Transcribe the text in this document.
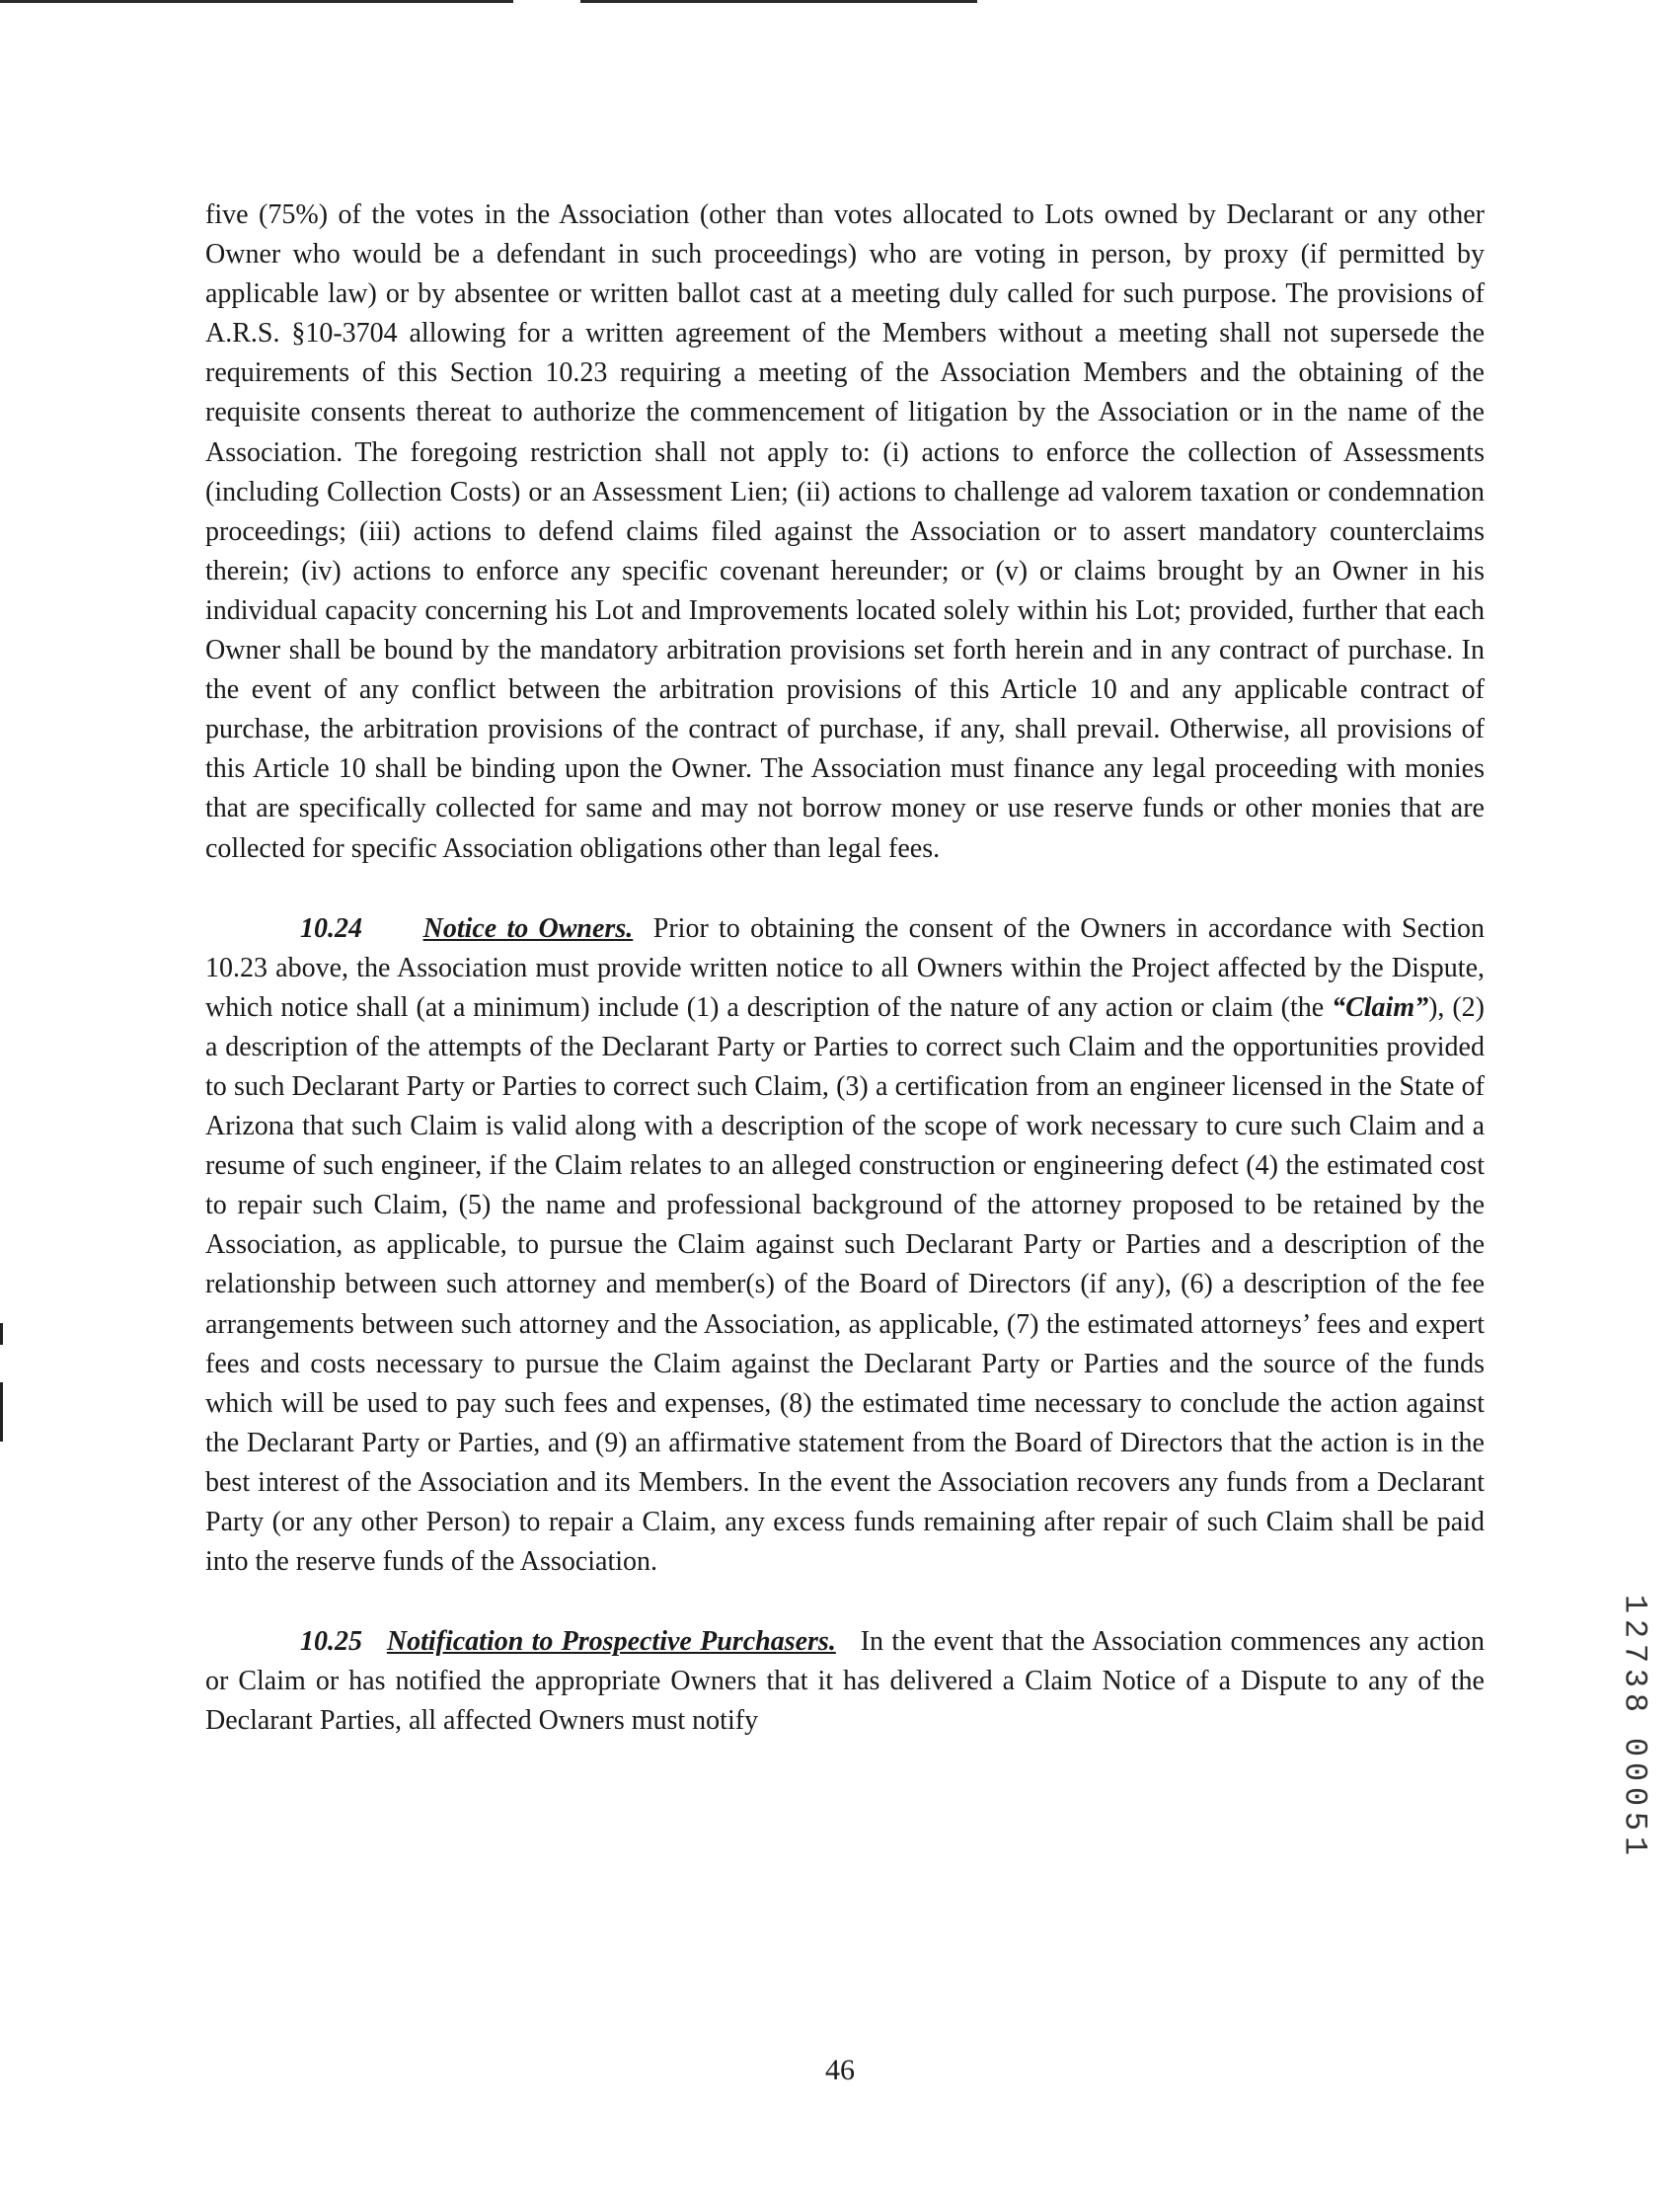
five (75%) of the votes in the Association (other than votes allocated to Lots owned by Declarant or any other Owner who would be a defendant in such proceedings) who are voting in person, by proxy (if permitted by applicable law) or by absentee or written ballot cast at a meeting duly called for such purpose. The provisions of A.R.S. §10-3704 allowing for a written agreement of the Members without a meeting shall not supersede the requirements of this Section 10.23 requiring a meeting of the Association Members and the obtaining of the requisite consents thereat to authorize the commencement of litigation by the Association or in the name of the Association. The foregoing restriction shall not apply to: (i) actions to enforce the collection of Assessments (including Collection Costs) or an Assessment Lien; (ii) actions to challenge ad valorem taxation or condemnation proceedings; (iii) actions to defend claims filed against the Association or to assert mandatory counterclaims therein; (iv) actions to enforce any specific covenant hereunder; or (v) or claims brought by an Owner in his individual capacity concerning his Lot and Improvements located solely within his Lot; provided, further that each Owner shall be bound by the mandatory arbitration provisions set forth herein and in any contract of purchase. In the event of any conflict between the arbitration provisions of this Article 10 and any applicable contract of purchase, the arbitration provisions of the contract of purchase, if any, shall prevail. Otherwise, all provisions of this Article 10 shall be binding upon the Owner. The Association must finance any legal proceeding with monies that are specifically collected for same and may not borrow money or use reserve funds or other monies that are collected for specific Association obligations other than legal fees.

10.24 Notice to Owners. Prior to obtaining the consent of the Owners in accordance with Section 10.23 above, the Association must provide written notice to all Owners within the Project affected by the Dispute, which notice shall (at a minimum) include (1) a description of the nature of any action or claim (the “Claim”), (2) a description of the attempts of the Declarant Party or Parties to correct such Claim and the opportunities provided to such Declarant Party or Parties to correct such Claim, (3) a certification from an engineer licensed in the State of Arizona that such Claim is valid along with a description of the scope of work necessary to cure such Claim and a resume of such engineer, if the Claim relates to an alleged construction or engineering defect (4) the estimated cost to repair such Claim, (5) the name and professional background of the attorney proposed to be retained by the Association, as applicable, to pursue the Claim against such Declarant Party or Parties and a description of the relationship between such attorney and member(s) of the Board of Directors (if any), (6) a description of the fee arrangements between such attorney and the Association, as applicable, (7) the estimated attorneys’ fees and expert fees and costs necessary to pursue the Claim against the Declarant Party or Parties and the source of the funds which will be used to pay such fees and expenses, (8) the estimated time necessary to conclude the action against the Declarant Party or Parties, and (9) an affirmative statement from the Board of Directors that the action is in the best interest of the Association and its Members. In the event the Association recovers any funds from a Declarant Party (or any other Person) to repair a Claim, any excess funds remaining after repair of such Claim shall be paid into the reserve funds of the Association.

10.25 Notification to Prospective Purchasers. In the event that the Association commences any action or Claim or has notified the appropriate Owners that it has delivered a Claim Notice of a Dispute to any of the Declarant Parties, all affected Owners must notify

46
1
2
7
3
8
0
0
0
5
1
